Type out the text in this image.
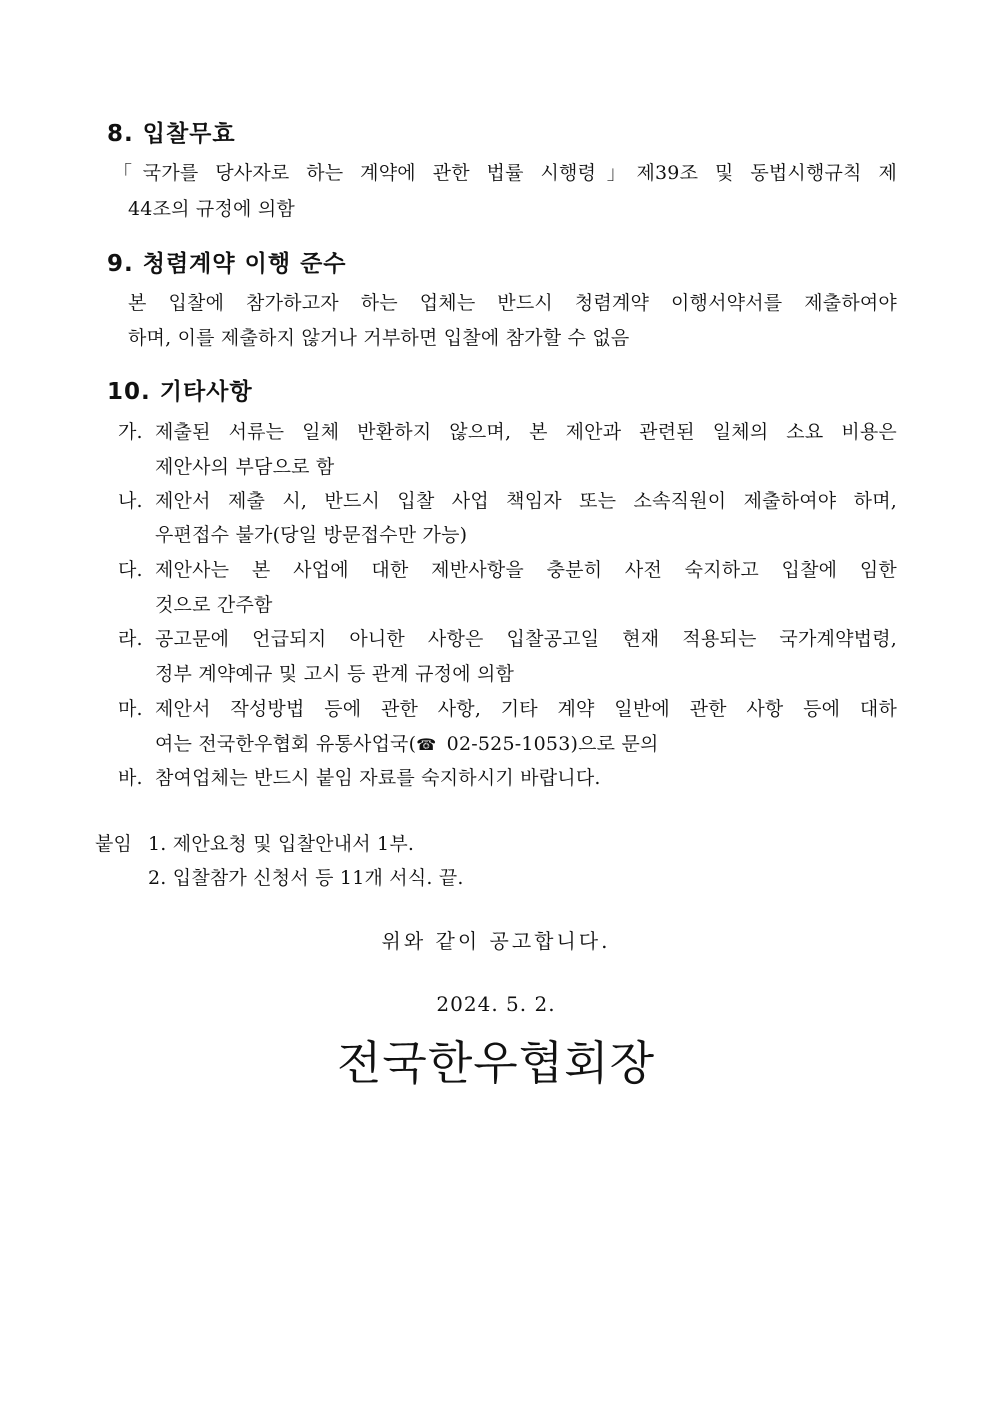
8. 입찰무효
「국가를 당사자로 하는 계약에 관한 법률 시행령」제39조 및 동법시행규칙 제
44조의 규정에 의함
9. 청렴계약 이행 준수
본 입찰에 참가하고자 하는 업체는 반드시 청렴계약 이행서약서를 제출하여야
하며, 이를 제출하지 않거나 거부하면 입찰에 참가할 수 없음
10. 기타사항
가. 제출된 서류는 일체 반환하지 않으며, 본 제안과 관련된 일체의 소요 비용은
제안사의 부담으로 함
나. 제안서 제출 시, 반드시 입찰 사업 책임자 또는 소속직원이 제출하여야 하며,
우편접수 불가(당일 방문접수만 가능)
다. 제안사는 본 사업에 대한 제반사항을 충분히 사전 숙지하고 입찰에 임한
것으로 간주함
라. 공고문에 언급되지 아니한 사항은 입찰공고일 현재 적용되는 국가계약법령,
정부 계약예규 및 고시 등 관계 규정에 의함
마. 제안서 작성방법 등에 관한 사항, 기타 계약 일반에 관한 사항 등에 대하
여는 전국한우협회 유통사업국(☎ 02-525-1053)으로 문의
바. 참여업체는 반드시 붙임 자료를 숙지하시기 바랍니다.
붙임 1. 제안요청 및 입찰안내서 1부.
2. 입찰참가 신청서 등 11개 서식. 끝.
위와 같이 공고합니다.
2024. 5. 2.
전국한우협회장
